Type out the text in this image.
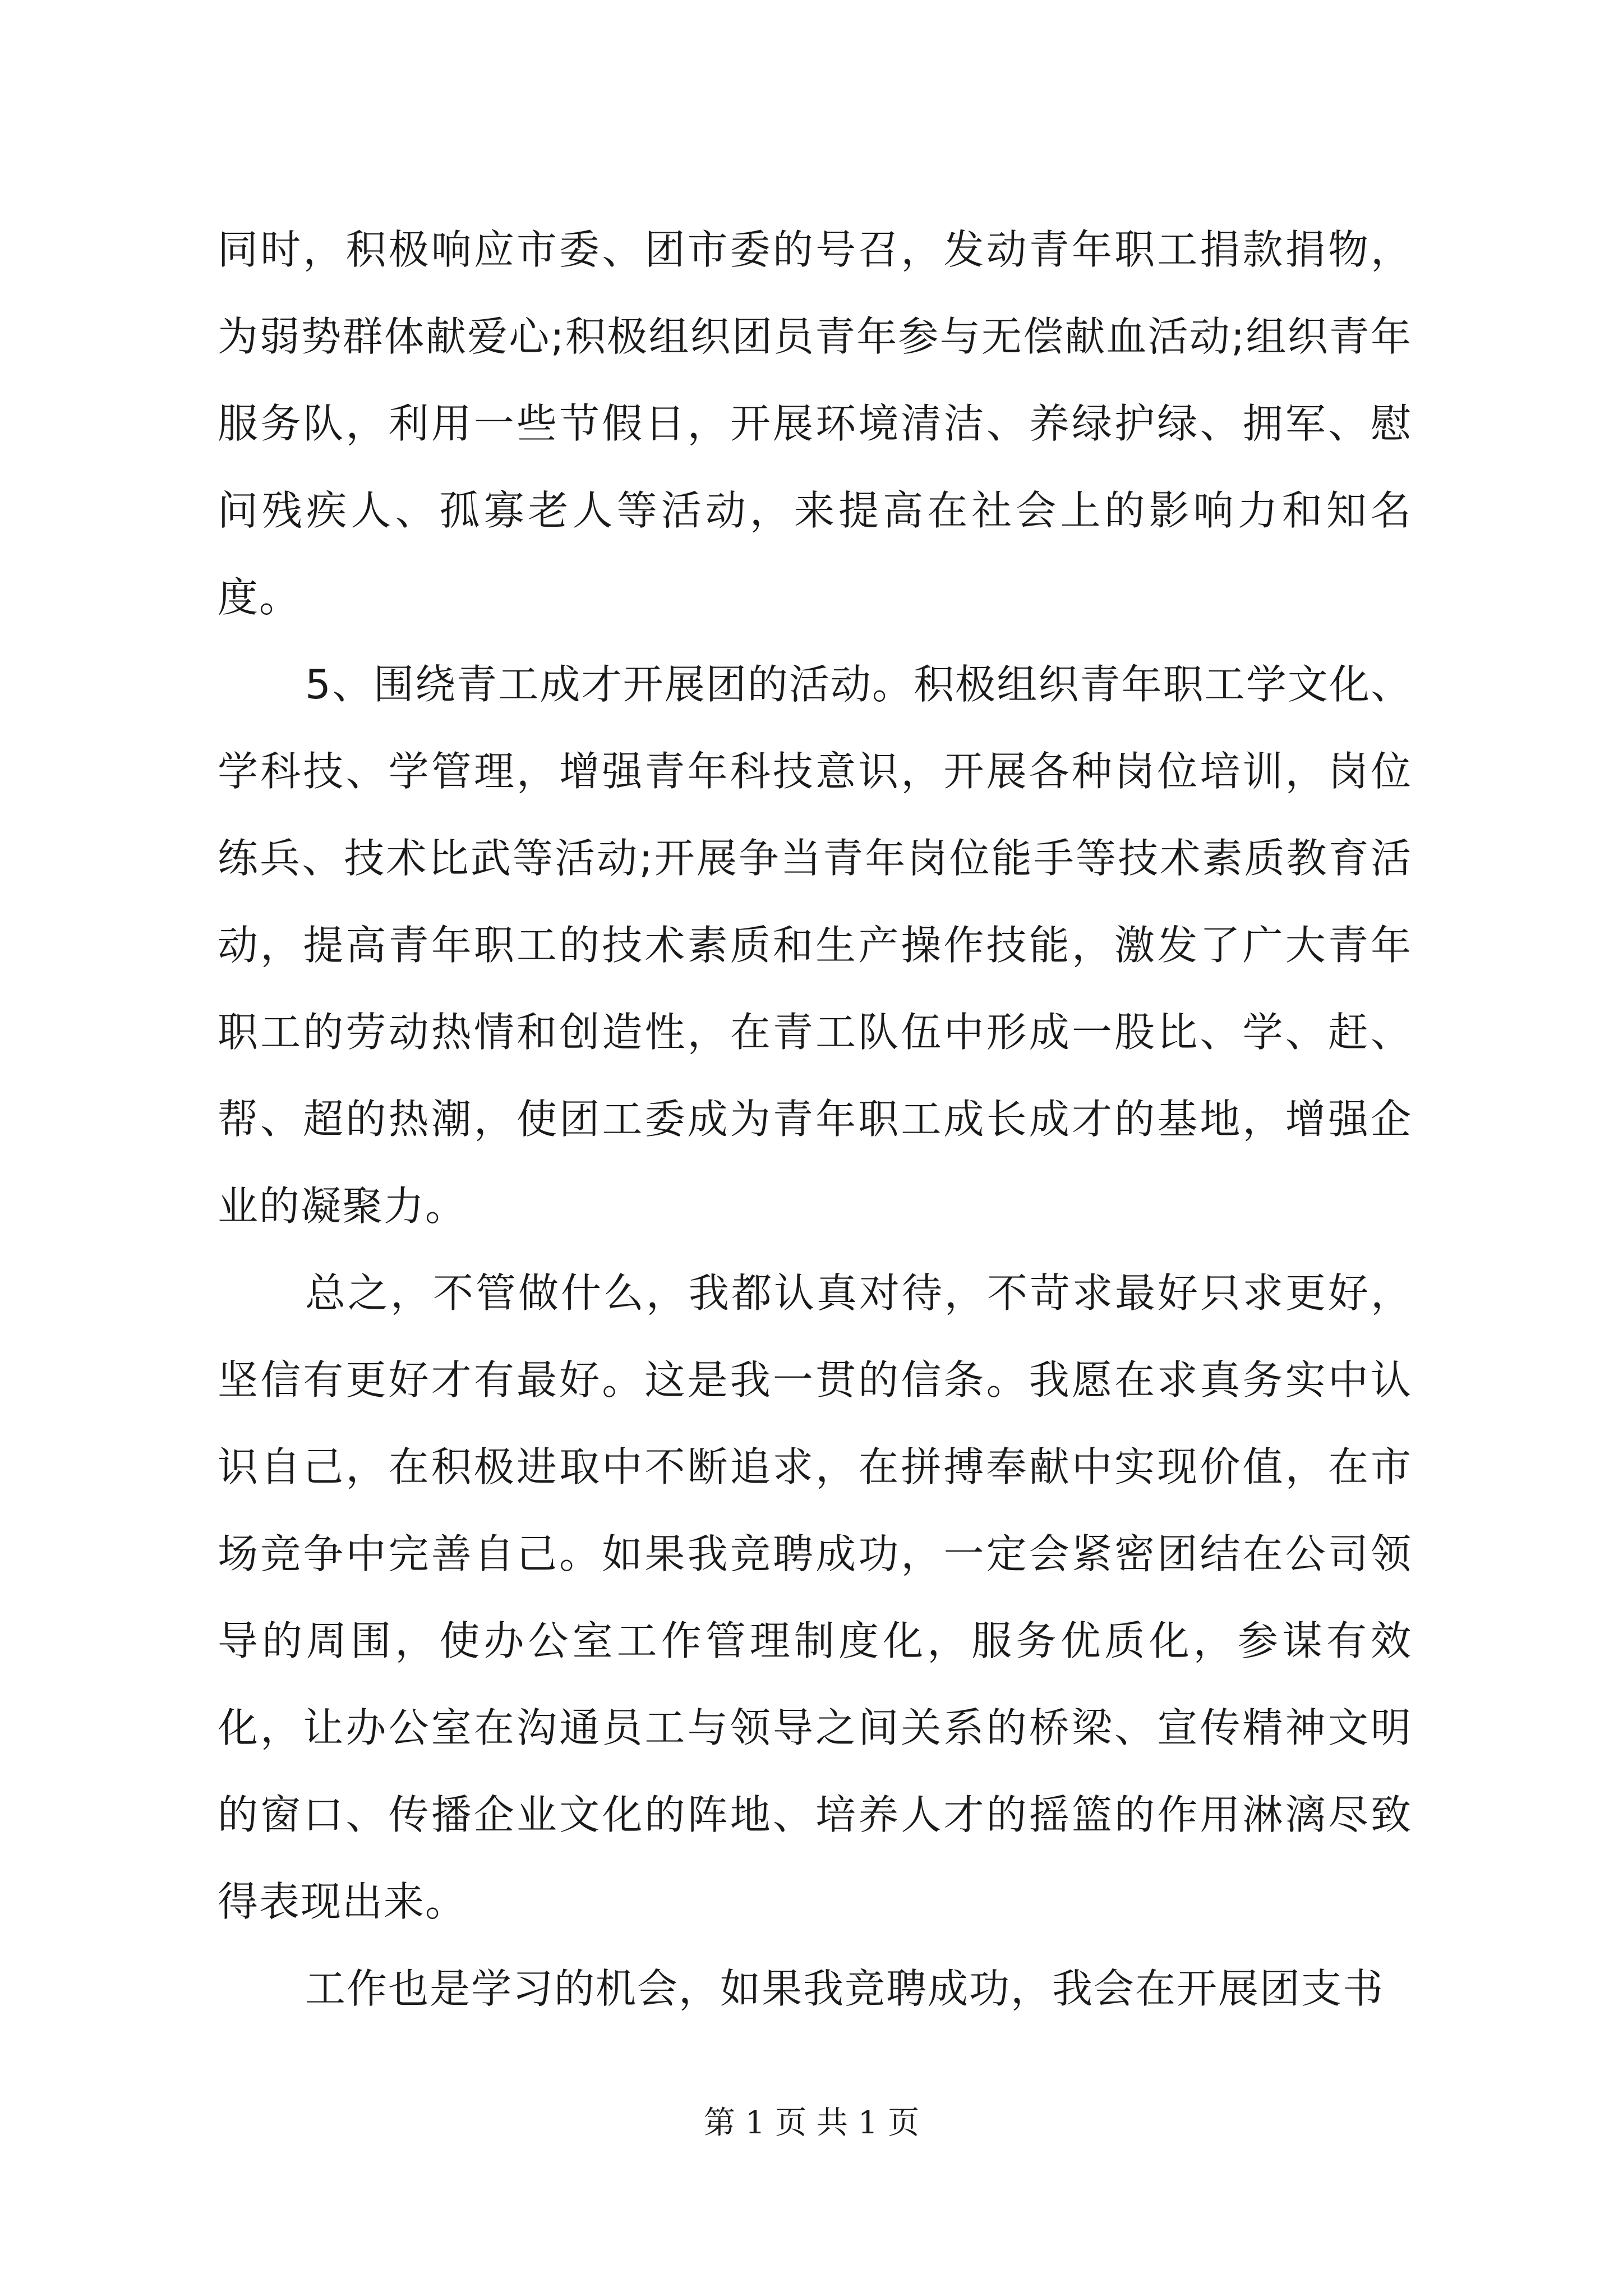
同时，积极响应市委、团市委的号召，发动青年职工捐款捐物，为弱势群体献爱心;积极组织团员青年参与无偿献血活动;组织青年服务队，利用一些节假日，开展环境清洁、养绿护绿、拥军、慰问残疾人、孤寡老人等活动，来提高在社会上的影响力和知名度。

5、围绕青工成才开展团的活动。积极组织青年职工学文化、学科技、学管理，增强青年科技意识，开展各种岗位培训，岗位练兵、技术比武等活动;开展争当青年岗位能手等技术素质教育活动，提高青年职工的技术素质和生产操作技能，激发了广大青年职工的劳动热情和创造性，在青工队伍中形成一股比、学、赶、帮、超的热潮，使团工委成为青年职工成长成才的基地，增强企业的凝聚力。

总之，不管做什么，我都认真对待，不苛求最好只求更好，坚信有更好才有最好。这是我一贯的信条。我愿在求真务实中认识自己，在积极进取中不断追求，在拼搏奉献中实现价值，在市场竞争中完善自己。如果我竞聘成功，一定会紧密团结在公司领导的周围，使办公室工作管理制度化，服务优质化，参谋有效化，让办公室在沟通员工与领导之间关系的桥梁、宣传精神文明的窗口、传播企业文化的阵地、培养人才的摇篮的作用淋漓尽致得表现出来。

工作也是学习的机会，如果我竞聘成功，我会在开展团支书

第 1 页 共 1 页
